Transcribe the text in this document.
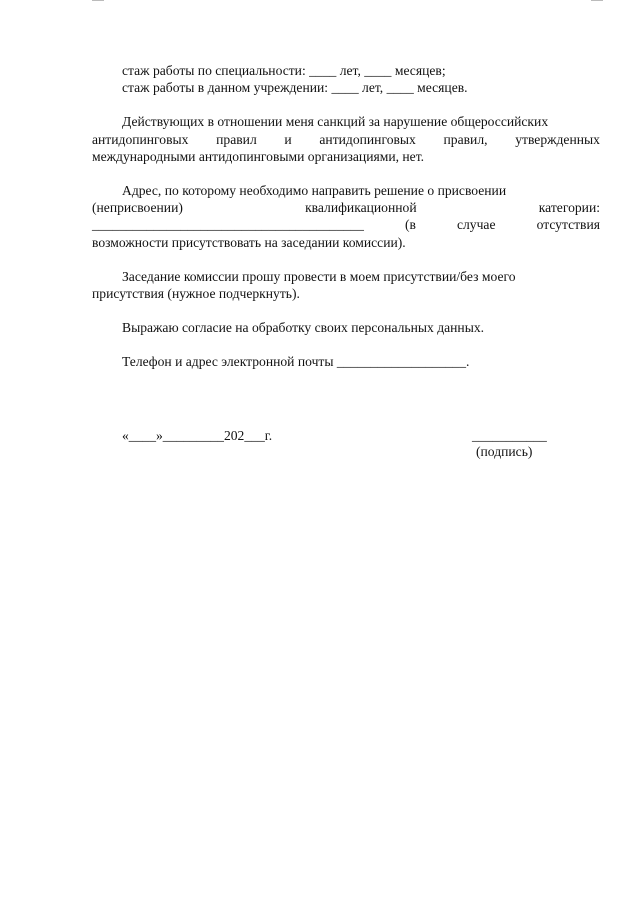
стаж работы по специальности: ____ лет, ____ месяцев;

стаж работы в данном учреждении: ____ лет, ____ месяцев.

Действующих в отношении меня санкций за нарушение общероссийских

антидопинговых правил и антидопинговых правил, утвержденных

международными антидопинговыми организациями, нет.

Адрес, по которому необходимо направить решение о присвоении

(неприсвоении)	квалификационной	категории:

________________________________________	(в	случае	отсутствия

возможности присутствовать на заседании комиссии).

Заседание комиссии прошу провести в моем присутствии/без моего

присутствия (нужное подчеркнуть).

Выражаю согласие на обработку своих персональных данных.

Телефон и адрес электронной почты ___________________.

«____»_________202___г.	___________
(подпись)
